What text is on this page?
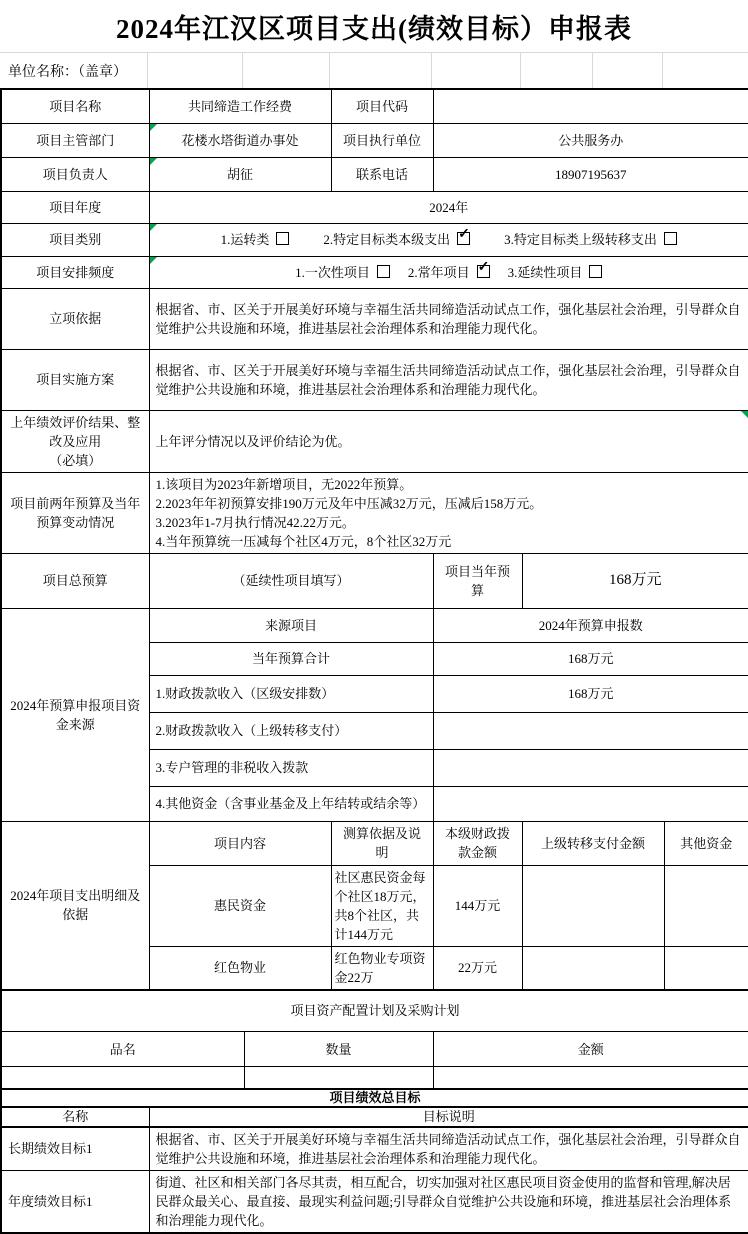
2024年江汉区项目支出(绩效目标）申报表
单位名称：（盖章）
项目名称	共同缔造工作经费		项目代码			
项目主管部门	花楼水塔街道办事处		项目执行单位	公共服务办		
项目负责人	胡征		联系电话	18907195637		
项目年度	2024年					
项目类别	1.运转类 2.特定目标类本级支出 ✓ 3.特定目标类上级转移支出

项目安排频度	1.一次性项目 2.常年项目 ✓ 3.延续性项目

立项依据	根据省、市、区关于开展美好环境与幸福生活共同缔造活动试点工作，强化基层社会治理，引导群众自觉维护公共设施和环境，推进基层社会治理体系和治理能力现代化。					
项目实施方案	根据省、市、区关于开展美好环境与幸福生活共同缔造活动试点工作，强化基层社会治理，引导群众自觉维护公共设施和环境，推进基层社会治理体系和治理能力现代化。					

上年绩效评价结果、整改及应用
（必填）	上年评分情况以及评价结论为优。					
项目前两年预算及当年预算变动情况	1.该项目为2023年新增项目，无2022年预算。
2.2023年年初预算安排190万元及年中压减32万元，压减后158万元。
3.2023年1-7月执行情况42.22万元。
4.当年预算统一压减每个社区4万元，8个社区32万元					

项目总预算	（延续性项目填写）			项目当年预算	168万元	
2024年预算申报项目资金来源	来源项目			2024年预算申报数		
	当年预算合计			168万元		
	1.财政拨款收入（区级安排数）			168万元		
	2.财政拨款收入（上级转移支付）					
	3.专户管理的非税收入拨款					
	4.其他资金（含事业基金及上年结转或结余等）					
2024年项目支出明细及依据	项目内容		测算依据及说明	本级财政拨款金额	上级转移支付金额	其他资金
	惠民资金		社区惠民资金每个社区18万元，共8个社区，共计144万元	144万元		
	红色物业		红色物业专项资金22万	22万元		
项目资产配置计划及采购计划						
品名		数量		金额		

项目绩效总目标						
名称	目标说明					
长期绩效目标1	根据省、市、区关于开展美好环境与幸福生活共同缔造活动试点工作，强化基层社会治理，引导群众自觉维护公共设施和环境，推进基层社会治理体系和治理能力现代化。					
年度绩效目标1	街道、社区和相关部门各尽其责，相互配合，切实加强对社区惠民项目资金使用的监督和管理,解决居民群众最关心、最直接、最现实利益问题;引导群众自觉维护公共设施和环境，推进基层社会治理体系和治理能力现代化。					
